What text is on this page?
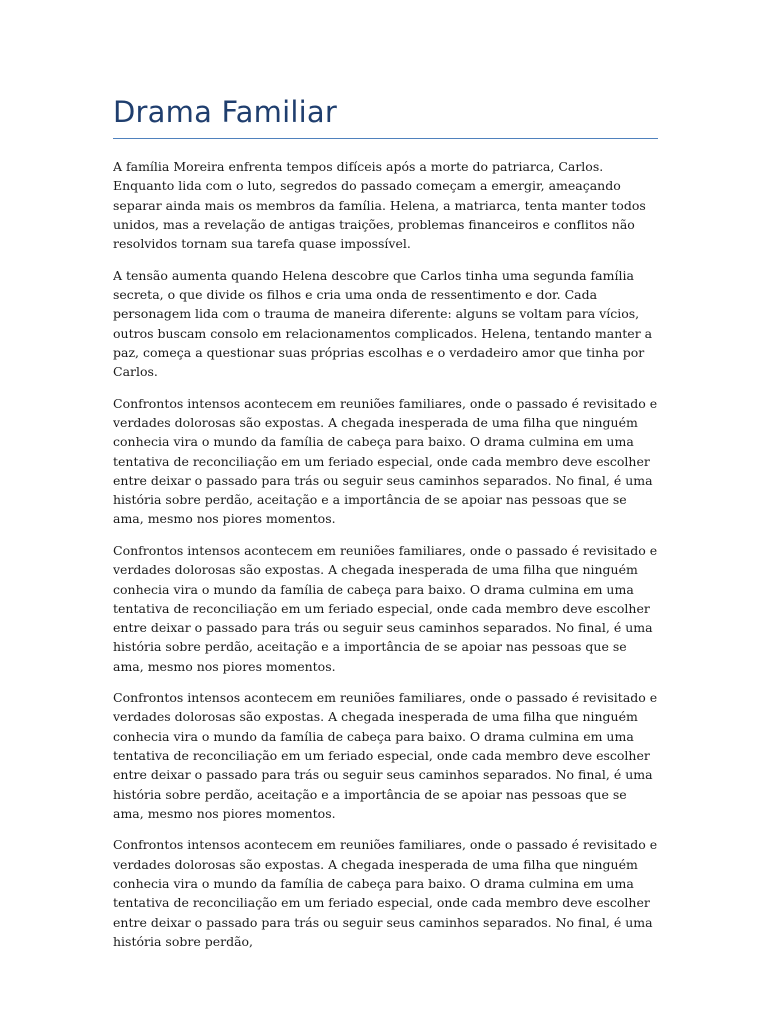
Drama Familiar

A família Moreira enfrenta tempos difíceis após a morte do patriarca, Carlos. Enquanto lida com o luto, segredos do passado começam a emergir, ameaçando separar ainda mais os membros da família. Helena, a matriarca, tenta manter todos unidos, mas a revelação de antigas traições, problemas financeiros e conflitos não resolvidos tornam sua tarefa quase impossível.

A tensão aumenta quando Helena descobre que Carlos tinha uma segunda família secreta, o que divide os filhos e cria uma onda de ressentimento e dor. Cada personagem lida com o trauma de maneira diferente: alguns se voltam para vícios, outros buscam consolo em relacionamentos complicados. Helena, tentando manter a paz, começa a questionar suas próprias escolhas e o verdadeiro amor que tinha por Carlos.

Confrontos intensos acontecem em reuniões familiares, onde o passado é revisitado e verdades dolorosas são expostas. A chegada inesperada de uma filha que ninguém conhecia vira o mundo da família de cabeça para baixo. O drama culmina em uma tentativa de reconciliação em um feriado especial, onde cada membro deve escolher entre deixar o passado para trás ou seguir seus caminhos separados. No final, é uma história sobre perdão, aceitação e a importância de se apoiar nas pessoas que se ama, mesmo nos piores momentos.

Confrontos intensos acontecem em reuniões familiares, onde o passado é revisitado e verdades dolorosas são expostas. A chegada inesperada de uma filha que ninguém conhecia vira o mundo da família de cabeça para baixo. O drama culmina em uma tentativa de reconciliação em um feriado especial, onde cada membro deve escolher entre deixar o passado para trás ou seguir seus caminhos separados. No final, é uma história sobre perdão, aceitação e a importância de se apoiar nas pessoas que se ama, mesmo nos piores momentos.

Confrontos intensos acontecem em reuniões familiares, onde o passado é revisitado e verdades dolorosas são expostas. A chegada inesperada de uma filha que ninguém conhecia vira o mundo da família de cabeça para baixo. O drama culmina em uma tentativa de reconciliação em um feriado especial, onde cada membro deve escolher entre deixar o passado para trás ou seguir seus caminhos separados. No final, é uma história sobre perdão, aceitação e a importância de se apoiar nas pessoas que se ama, mesmo nos piores momentos.

Confrontos intensos acontecem em reuniões familiares, onde o passado é revisitado e verdades dolorosas são expostas. A chegada inesperada de uma filha que ninguém conhecia vira o mundo da família de cabeça para baixo. O drama culmina em uma tentativa de reconciliação em um feriado especial, onde cada membro deve escolher entre deixar o passado para trás ou seguir seus caminhos separados. No final, é uma história sobre perdão,
